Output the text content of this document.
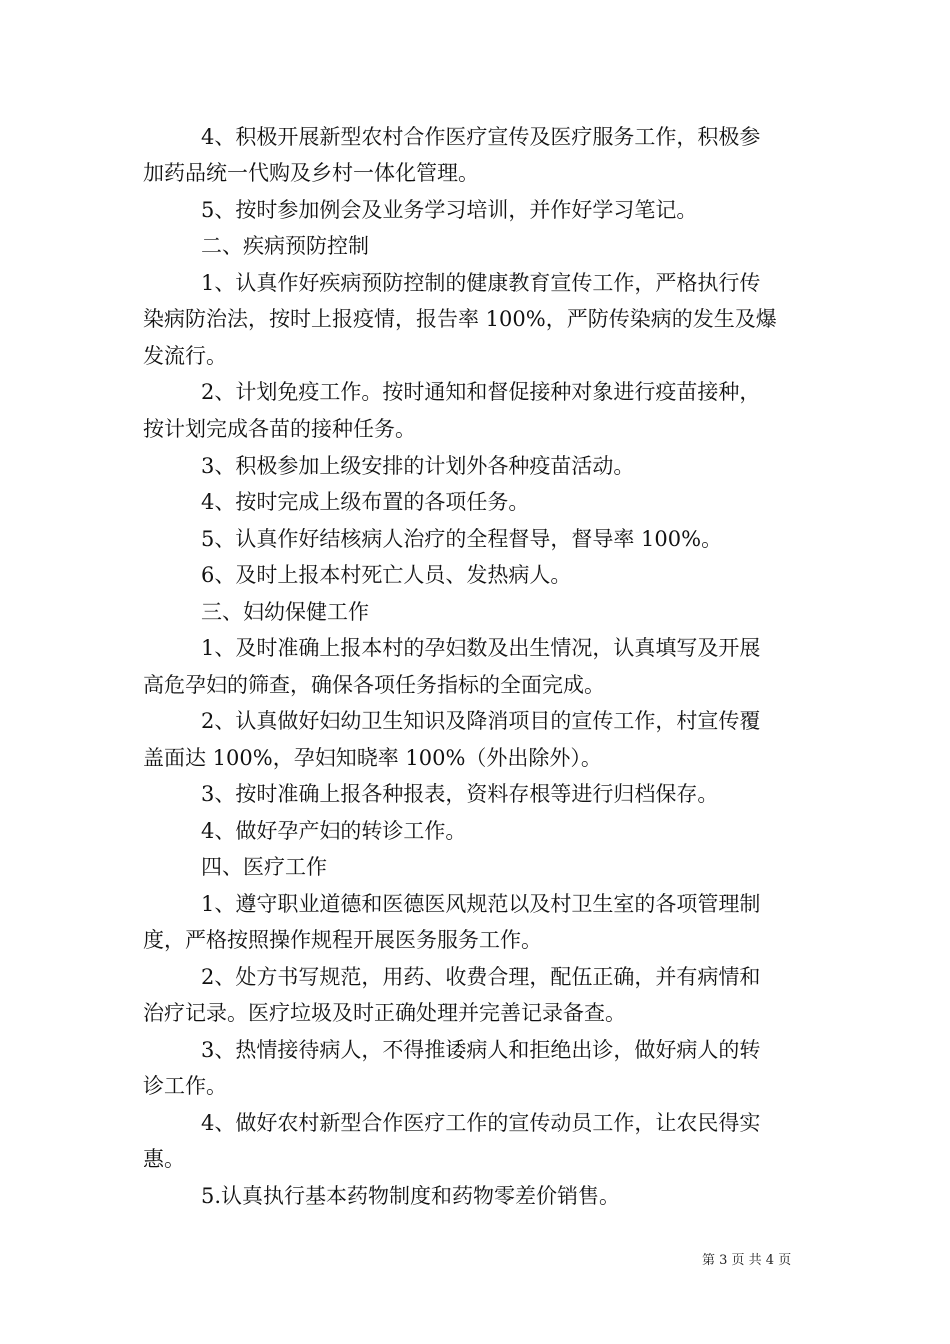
4、积极开展新型农村合作医疗宣传及医疗服务工作，积极参
加药品统一代购及乡村一体化管理。
5、按时参加例会及业务学习培训，并作好学习笔记。
二、疾病预防控制
1、认真作好疾病预防控制的健康教育宣传工作，严格执行传
染病防治法，按时上报疫情，报告率 100%，严防传染病的发生及爆
发流行。
2、计划免疫工作。按时通知和督促接种对象进行疫苗接种，
按计划完成各苗的接种任务。
3、积极参加上级安排的计划外各种疫苗活动。
4、按时完成上级布置的各项任务。
5、认真作好结核病人治疗的全程督导，督导率 100%。
6、及时上报本村死亡人员、发热病人。
三、妇幼保健工作
1、及时准确上报本村的孕妇数及出生情况，认真填写及开展
高危孕妇的筛查，确保各项任务指标的全面完成。
2、认真做好妇幼卫生知识及降消项目的宣传工作，村宣传覆
盖面达 100%，孕妇知晓率 100%（外出除外）。
3、按时准确上报各种报表，资料存根等进行归档保存。
4、做好孕产妇的转诊工作。
四、医疗工作
1、遵守职业道德和医德医风规范以及村卫生室的各项管理制
度，严格按照操作规程开展医务服务工作。
2、处方书写规范，用药、收费合理，配伍正确，并有病情和
治疗记录。医疗垃圾及时正确处理并完善记录备查。
3、热情接待病人，不得推诿病人和拒绝出诊，做好病人的转
诊工作。
4、做好农村新型合作医疗工作的宣传动员工作，让农民得实
惠。
5.认真执行基本药物制度和药物零差价销售。
第 3 页 共 4 页
